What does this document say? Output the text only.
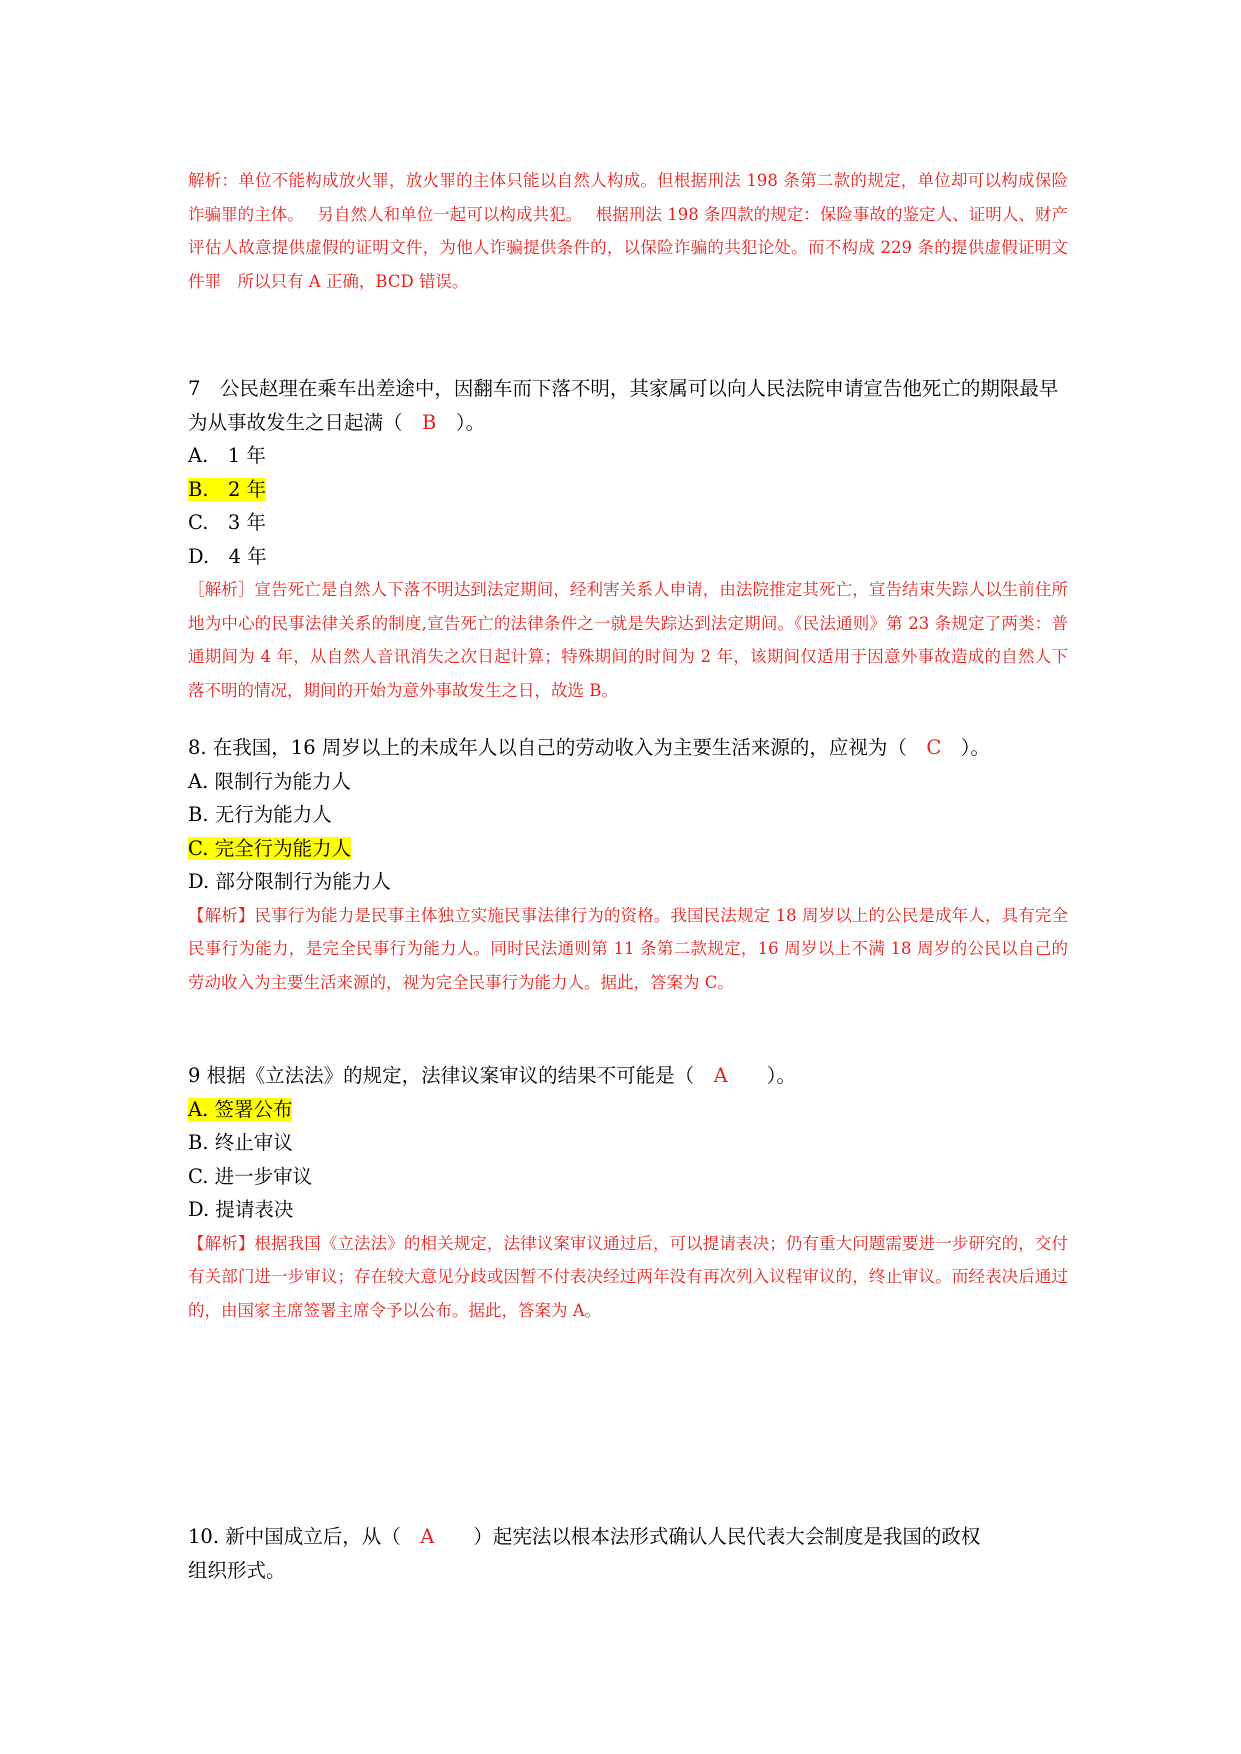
解析：单位不能构成放火罪，放火罪的主体只能以自然人构成。但根据刑法 198 条第二款的规定，单位却可以构成保险诈骗罪的主体。　 另自然人和单位一起可以构成共犯。　 根据刑法 198 条四款的规定：保险事故的鉴定人、证明人、财产评估人故意提供虚假的证明文件，为他人诈骗提供条件的，以保险诈骗的共犯论处。而不构成 229 条的提供虚假证明文件罪　所以只有 A 正确，BCD 错误。

7　公民赵理在乘车出差途中，因翻车而下落不明，其家属可以向人民法院申请宣告他死亡的期限最早为从事故发生之日起满（　B　）。

A.　1 年
B.　2 年
C.　3 年
D.　4 年

［解析］宣告死亡是自然人下落不明达到法定期间，经利害关系人申请，由法院推定其死亡，宣告结束失踪人以生前住所地为中心的民事法律关系的制度,宣告死亡的法律条件之一就是失踪达到法定期间。《民法通则》第 23 条规定了两类：普通期间为 4 年，从自然人音讯消失之次日起计算；特殊期间的时间为 2 年，该期间仅适用于因意外事故造成的自然人下落不明的情况，期间的开始为意外事故发生之日，故选 B。

8. 在我国，16 周岁以上的未成年人以自己的劳动收入为主要生活来源的，应视为（　C　）。

A. 限制行为能力人
B. 无行为能力人
C. 完全行为能力人
D. 部分限制行为能力人

【解析】民事行为能力是民事主体独立实施民事法律行为的资格。我国民法规定 18 周岁以上的公民是成年人，具有完全民事行为能力，是完全民事行为能力人。同时民法通则第 11 条第二款规定，16 周岁以上不满 18 周岁的公民以自己的劳动收入为主要生活来源的，视为完全民事行为能力人。据此，答案为 C。

9 根据《立法法》的规定，法律议案审议的结果不可能是（　A　　）。

A. 签署公布
B. 终止审议
C. 进一步审议
D. 提请表决

【解析】根据我国《立法法》的相关规定，法律议案审议通过后，可以提请表决；仍有重大问题需要进一步研究的，交付有关部门进一步审议；存在较大意见分歧或因暂不付表决经过两年没有再次列入议程审议的，终止审议。而经表决后通过的，由国家主席签署主席令予以公布。据此，答案为 A。

10. 新中国成立后，从（　A　　）起宪法以根本法形式确认人民代表大会制度是我国的政权组织形式。
